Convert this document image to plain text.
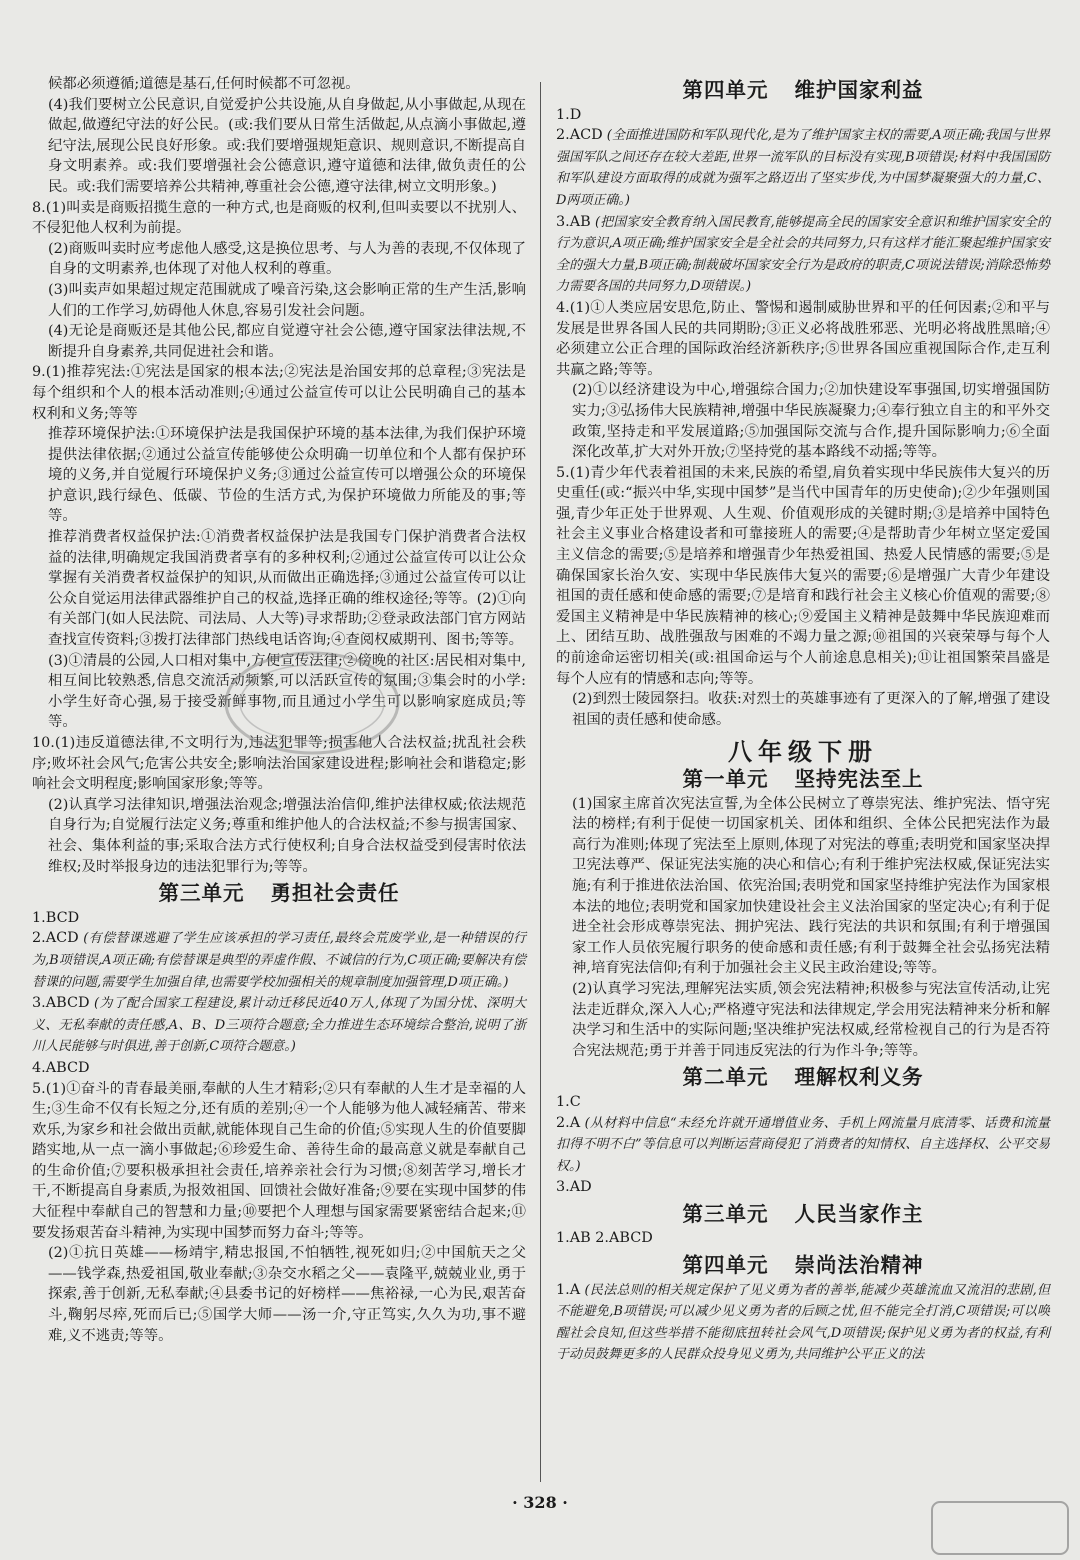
候都必须遵循;道德是基石,任何时候都不可忽视。

(4)我们要树立公民意识,自觉爱护公共设施,从自身做起,从小事做起,从现在做起,做遵纪守法的好公民。(或:我们要从日常生活做起,从点滴小事做起,遵纪守法,展现公民良好形象。或:我们要增强规矩意识、规则意识,不断提高自身文明素养。或:我们要增强社会公德意识,遵守道德和法律,做负责任的公民。或:我们需要培养公共精神,尊重社会公德,遵守法律,树立文明形象。)

8.(1)叫卖是商贩招揽生意的一种方式,也是商贩的权利,但叫卖要以不扰别人、不侵犯他人权利为前提。

(2)商贩叫卖时应考虑他人感受,这是换位思考、与人为善的表现,不仅体现了自身的文明素养,也体现了对他人权利的尊重。

(3)叫卖声如果超过规定范围就成了噪音污染,这会影响正常的生产生活,影响人们的工作学习,妨碍他人休息,容易引发社会问题。

(4)无论是商贩还是其他公民,都应自觉遵守社会公德,遵守国家法律法规,不断提升自身素养,共同促进社会和谐。

9.(1)推荐宪法:①宪法是国家的根本法;②宪法是治国安邦的总章程;③宪法是每个组织和个人的根本活动准则;④通过公益宣传可以让公民明确自己的基本权利和义务;等等

推荐环境保护法:①环境保护法是我国保护环境的基本法律,为我们保护环境提供法律依据;②通过公益宣传能够使公众明确一切单位和个人都有保护环境的义务,并自觉履行环境保护义务;③通过公益宣传可以增强公众的环境保护意识,践行绿色、低碳、节俭的生活方式,为保护环境做力所能及的事;等等。

推荐消费者权益保护法:①消费者权益保护法是我国专门保护消费者合法权益的法律,明确规定我国消费者享有的多种权利;②通过公益宣传可以让公众掌握有关消费者权益保护的知识,从而做出正确选择;③通过公益宣传可以让公众自觉运用法律武器维护自己的权益,选择正确的维权途径;等等。(2)①向有关部门(如人民法院、司法局、人大等)寻求帮助;②登录政法部门官方网站查找宣传资料;③拨打法律部门热线电话咨询;④查阅权威期刊、图书;等等。

(3)①清晨的公园,人口相对集中,方便宣传法律;②傍晚的社区:居民相对集中,相互间比较熟悉,信息交流活动频繁,可以活跃宣传的氛围;③集会时的小学:小学生好奇心强,易于接受新鲜事物,而且通过小学生可以影响家庭成员;等等。

10.(1)违反道德法律,不文明行为,违法犯罪等;损害他人合法权益;扰乱社会秩序;败坏社会风气;危害公共安全;影响法治国家建设进程;影响社会和谐稳定;影响社会文明程度;影响国家形象;等等。

(2)认真学习法律知识,增强法治观念;增强法治信仰,维护法律权威;依法规范自身行为;自觉履行法定义务;尊重和维护他人的合法权益;不参与损害国家、社会、集体利益的事;采取合法方式行使权利;自身合法权益受到侵害时依法维权;及时举报身边的违法犯罪行为;等等。

第三单元 勇担社会责任

1.BCD

2.ACD (有偿替课逃避了学生应该承担的学习责任,最终会荒废学业,是一种错误的行为,B项错误,A项正确;有偿替课是典型的弄虚作假、不诚信的行为,C项正确;要解决有偿替课的问题,需要学生加强自律,也需要学校加强相关的规章制度加强管理,D项正确。)

3.ABCD (为了配合国家工程建设,累计动迁移民近40万人,体现了为国分忧、深明大义、无私奉献的责任感,A、B、D三项符合题意;全力推进生态环境综合整治,说明了浙川人民能够与时俱进,善于创新,C项符合题意。)

4.ABCD

5.(1)①奋斗的青春最美丽,奉献的人生才精彩;②只有奉献的人生才是幸福的人生;③生命不仅有长短之分,还有质的差别;④一个人能够为他人减轻痛苦、带来欢乐,为家乡和社会做出贡献,就能体现自己生命的价值;⑤实现人生的价值要脚踏实地,从一点一滴小事做起;⑥珍爱生命、善待生命的最高意义就是奉献自己的生命价值;⑦要积极承担社会责任,培养亲社会行为习惯;⑧刻苦学习,增长才干,不断提高自身素质,为报效祖国、回馈社会做好准备;⑨要在实现中国梦的伟大征程中奉献自己的智慧和力量;⑩要把个人理想与国家需要紧密结合起来;⑪要发扬艰苦奋斗精神,为实现中国梦而努力奋斗;等等。

(2)①抗日英雄——杨靖宇,精忠报国,不怕牺牲,视死如归;②中国航天之父——钱学森,热爱祖国,敬业奉献;③杂交水稻之父——袁隆平,兢兢业业,勇于探索,善于创新,无私奉献;④县委书记的好榜样——焦裕禄,一心为民,艰苦奋斗,鞠躬尽瘁,死而后已;⑤国学大师——汤一介,守正笃实,久久为功,事不避难,义不逃责;等等。

第四单元 维护国家利益

1.D

2.ACD (全面推进国防和军队现代化,是为了维护国家主权的需要,A项正确;我国与世界强国军队之间还存在较大差距,世界一流军队的目标没有实现,B项错误;材料中我国国防和军队建设方面取得的成就为强军之路迈出了坚实步伐,为中国梦凝聚强大的力量,C、D两项正确。)

3.AB (把国家安全教育纳入国民教育,能够提高全民的国家安全意识和维护国家安全的行为意识,A项正确;维护国家安全是全社会的共同努力,只有这样才能汇聚起维护国家安全的强大力量,B项正确;制裁破坏国家安全行为是政府的职责,C项说法错误;消除恐怖势力需要各国的共同努力,D项错误。)

4.(1)①人类应居安思危,防止、警惕和遏制威胁世界和平的任何因素;②和平与发展是世界各国人民的共同期盼;③正义必将战胜邪恶、光明必将战胜黑暗;④必须建立公正合理的国际政治经济新秩序;⑤世界各国应重视国际合作,走互利共赢之路;等等。

(2)①以经济建设为中心,增强综合国力;②加快建设军事强国,切实增强国防实力;③弘扬伟大民族精神,增强中华民族凝聚力;④奉行独立自主的和平外交政策,坚持走和平发展道路;⑤加强国际交流与合作,提升国际影响力;⑥全面深化改革,扩大对外开放;⑦坚持党的基本路线不动摇;等等。

5.(1)青少年代表着祖国的未来,民族的希望,肩负着实现中华民族伟大复兴的历史重任(或:“振兴中华,实现中国梦”是当代中国青年的历史使命);②少年强则国强,青少年正处于世界观、人生观、价值观形成的关键时期;③是培养中国特色社会主义事业合格建设者和可靠接班人的需要;④是帮助青少年树立坚定爱国主义信念的需要;⑤是培养和增强青少年热爱祖国、热爱人民情感的需要;⑤是确保国家长治久安、实现中华民族伟大复兴的需要;⑥是增强广大青少年建设祖国的责任感和使命感的需要;⑦是培育和践行社会主义核心价值观的需要;⑧爱国主义精神是中华民族精神的核心;⑨爱国主义精神是鼓舞中华民族迎难而上、团结互助、战胜强敌与困难的不竭力量之源;⑩祖国的兴衰荣辱与每个人的前途命运密切相关(或:祖国命运与个人前途息息相关);⑪让祖国繁荣昌盛是每个人应有的情感和志向;等等。

(2)到烈士陵园祭扫。收获:对烈士的英雄事迹有了更深入的了解,增强了建设祖国的责任感和使命感。

八年级下册
第一单元 坚持宪法至上

(1)国家主席首次宪法宣誓,为全体公民树立了尊崇宪法、维护宪法、悟守宪法的榜样;有利于促使一切国家机关、团体和组织、全体公民把宪法作为最高行为准则;体现了宪法至上原则,体现了对宪法的尊重;表明党和国家坚决捍卫宪法尊严、保证宪法实施的决心和信心;有利于维护宪法权威,保证宪法实施;有利于推进依法治国、依宪治国;表明党和国家坚持维护宪法作为国家根本法的地位;表明党和国家加快建设社会主义法治国家的坚定决心;有利于促进全社会形成尊崇宪法、拥护宪法、践行宪法的共识和氛围;有利于增强国家工作人员依宪履行职务的使命感和责任感;有利于鼓舞全社会弘扬宪法精神,培育宪法信仰;有利于加强社会主义民主政治建设;等等。

(2)认真学习宪法,理解宪法实质,领会宪法精神;积极参与宪法宣传活动,让宪法走近群众,深入人心;严格遵守宪法和法律规定,学会用宪法精神来分析和解决学习和生活中的实际问题;坚决维护宪法权威,经常检视自己的行为是否符合宪法规范;勇于并善于同违反宪法的行为作斗争;等等。

第二单元 理解权利义务

1.C

2.A (从材料中信息“未经允许就开通增值业务、手机上网流量月底清零、话费和流量扣得不明不白”等信息可以判断运营商侵犯了消费者的知情权、自主选择权、公平交易权。)

3.AD

第三单元 人民当家作主

1.AB 2.ABCD

第四单元 崇尚法治精神

1.A (民法总则的相关规定保护了见义勇为者的善举,能减少英雄流血又流泪的悲剧,但不能避免,B项错误;可以减少见义勇为者的后顾之忧,但不能完全打消,C项错误;可以唤醒社会良知,但这些举措不能彻底扭转社会风气,D项错误;保护见义勇为者的权益,有利于动员鼓舞更多的人民群众投身见义勇为,共同维护公平正义的法

· 328 ·
